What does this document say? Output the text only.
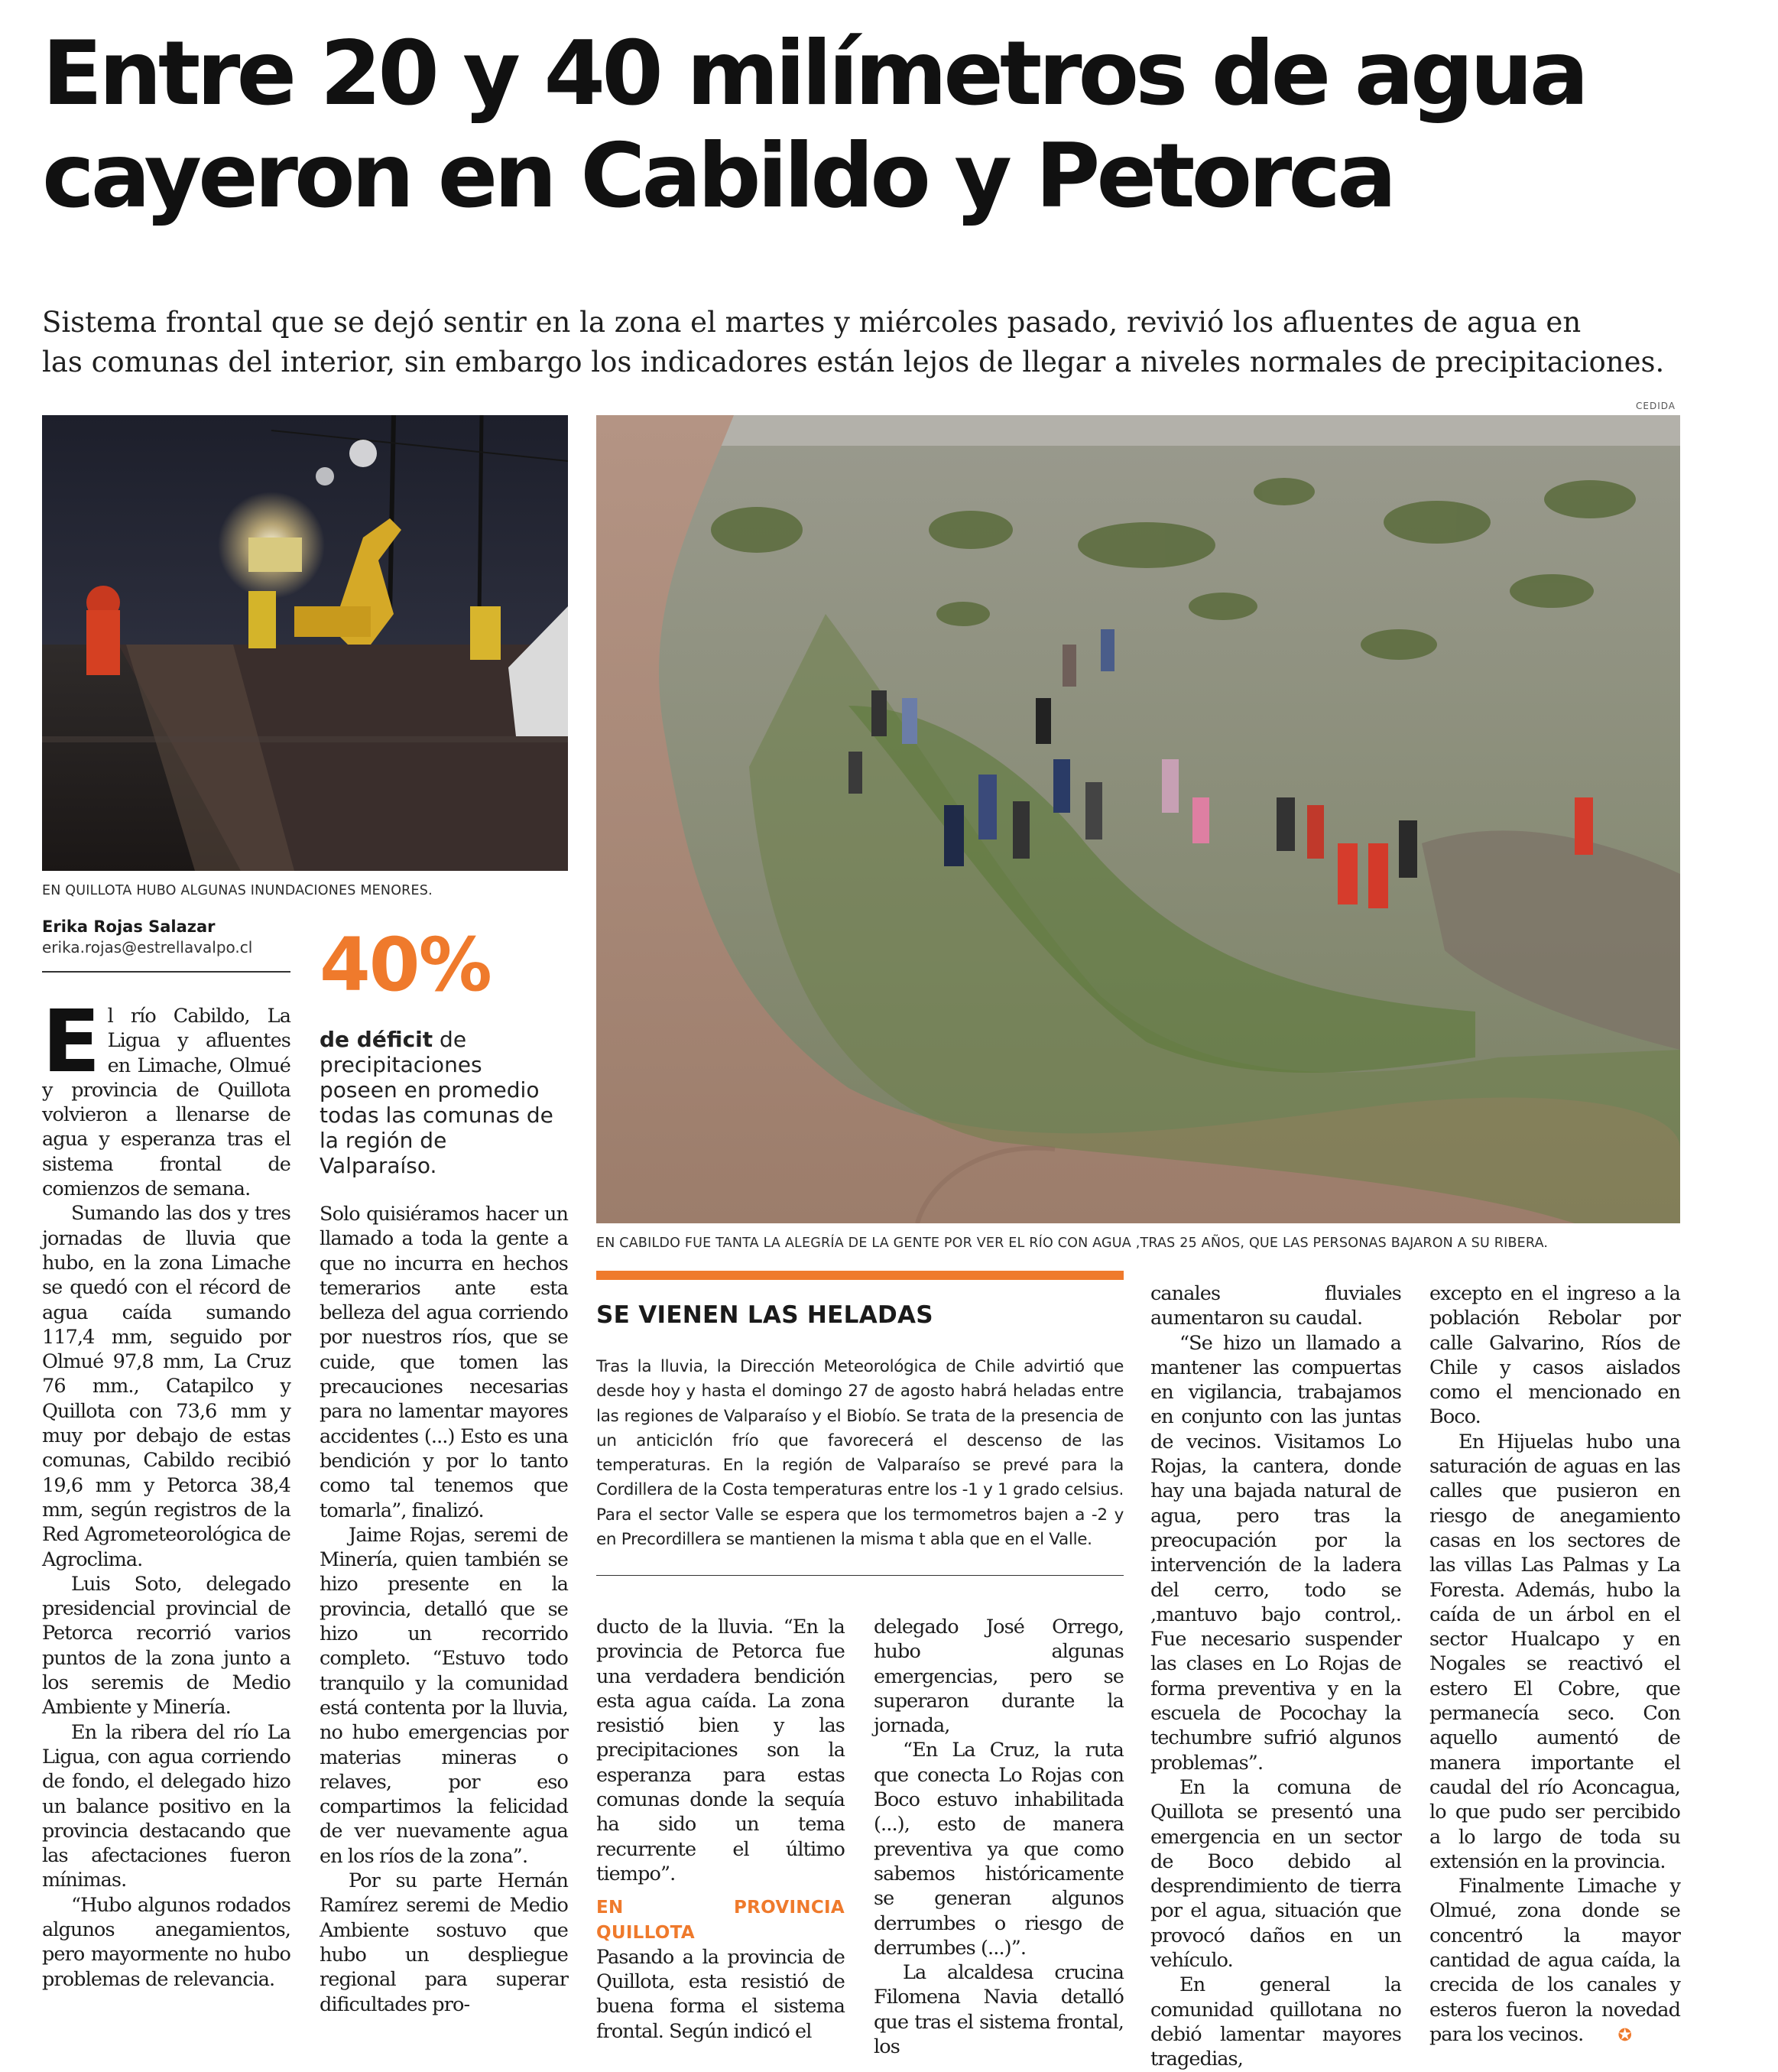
Entre 20 y 40 milímetros de agua
cayeron en Cabildo y Petorca
Sistema frontal que se dejó sentir en la zona el martes y miércoles pasado, revivió los afluentes de agua en
las comunas del interior, sin embargo los indicadores están lejos de llegar a niveles normales de precipitaciones.
EN QUILLOTA HUBO ALGUNAS INUNDACIONES MENORES.
CEDIDA
EN CABILDO FUE TANTA LA ALEGRÍA DE LA GENTE POR VER EL RÍO CON AGUA ,TRAS 25 AÑOS, QUE LAS PERSONAS BAJARON A SU RIBERA.
Erika Rojas Salazar
erika.rojas@estrellavalpo.cl 40%
de déficit de precipitaciones poseen en promedio todas las comunas de la región de Valparaíso.

El río Cabildo, La Ligua y afluentes en Limache, Olmué y provincia de Quillota volvieron a llenarse de agua y esperanza tras el sistema frontal de comienzos de semana.

Sumando las dos y tres jornadas de lluvia que hubo, en la zona Limache se quedó con el récord de agua caída sumando 117,4 mm, seguido por Olmué 97,8 mm, La Cruz 76 mm., Catapilco y Quillota con 73,6 mm y muy por debajo de estas comunas, Cabildo recibió 19,6 mm y Petorca 38,4 mm, según registros de la Red Agrometeorológica de Agroclima.

Luis Soto, delegado presidencial provincial de Petorca recorrió varios puntos de la zona junto a los seremis de Medio Ambiente y Minería.

En la ribera del río La Ligua, con agua corriendo de fondo, el delegado hizo un balance positivo en la provincia destacando que las afectaciones fueron mínimas.

“Hubo algunos rodados algunos anegamientos, pero mayormente no hubo problemas de relevancia.

Solo quisiéramos hacer un llamado a toda la gente a que no incurra en hechos temerarios ante esta belleza del agua corriendo por nuestros ríos, que se cuide, que tomen las precauciones necesarias para no lamentar mayores accidentes (...) Esto es una bendición y por lo tanto como tal tenemos que tomarla”, finalizó.

Jaime Rojas, seremi de Minería, quien también se hizo presente en la provincia, detalló que se hizo un recorrido completo. “Estuvo todo tranquilo y la comunidad está contenta por la lluvia, no hubo emergencias por materias mineras o relaves, por eso compartimos la felicidad de ver nuevamente agua en los ríos de la zona”.

Por su parte Hernán Ramírez seremi de Medio Ambiente sostuvo que hubo un despliegue regional para superar dificultades pro-

SE VIENEN LAS HELADAS
Tras la lluvia, la Dirección Meteorológica de Chile advirtió que desde hoy y hasta el domingo 27 de agosto habrá heladas entre las regiones de Valparaíso y el Biobío. Se trata de la presencia de un anticiclón frío que favorecerá el descenso de las temperaturas. En la región de Valparaíso se prevé para la Cordillera de la Costa temperaturas entre los -1 y 1 grado celsius. Para el sector Valle se espera que los termometros bajen a -2 y en Precordillera se mantienen la misma t abla que en el Valle.

ducto de la lluvia. “En la provincia de Petorca fue una verdadera bendición esta agua caída. La zona resistió bien y las precipitaciones son la esperanza para estas comunas donde la sequía ha sido un tema recurrente el último tiempo”.

EN PROVINCIA QUILLOTA

Pasando a la provincia de Quillota, esta resistió de buena forma el sistema frontal. Según indicó el

delegado José Orrego, hubo algunas emergencias, pero se superaron durante la jornada,

“En La Cruz, la ruta que conecta Lo Rojas con Boco estuvo inhabilitada (...), esto de manera preventiva ya que como sabemos históricamente se generan algunos derrumbes o riesgo de derrumbes (...)”.

La alcaldesa crucina Filomena Navia detalló que tras el sistema frontal, los

canales fluviales aumentaron su caudal.

“Se hizo un llamado a mantener las compuertas en vigilancia, trabajamos en conjunto con las juntas de vecinos. Visitamos Lo Rojas, la cantera, donde hay una bajada natural de agua, pero tras la preocupación por la intervención de la ladera del cerro, todo se ,mantuvo bajo control,. Fue necesario suspender las clases en Lo Rojas de forma preventiva y en la escuela de Pocochay la techumbre sufrió algunos problemas”.

En la comuna de Quillota se presentó una emergencia en un sector de Boco debido al desprendimiento de tierra por el agua, situación que provocó daños en un vehículo.

En general la comunidad quillotana no debió lamentar mayores tragedias,

excepto en el ingreso a la población Rebolar por calle Galvarino, Ríos de Chile y casos aislados como el mencionado en Boco.

En Hijuelas hubo una saturación de aguas en las calles que pusieron en riesgo de anegamiento casas en los sectores de las villas Las Palmas y La Foresta. Además, hubo la caída de un árbol en el sector Hualcapo y en Nogales se reactivó el estero El Cobre, que permanecía seco. Con aquello aumentó de manera importante el caudal del río Aconcagua, lo que pudo ser percibido a lo largo de toda su extensión en la provincia.

Finalmente Limache y Olmué, zona donde se concentró la mayor cantidad de agua caída, la crecida de los canales y esteros fueron la novedad para los vecinos. ✪
